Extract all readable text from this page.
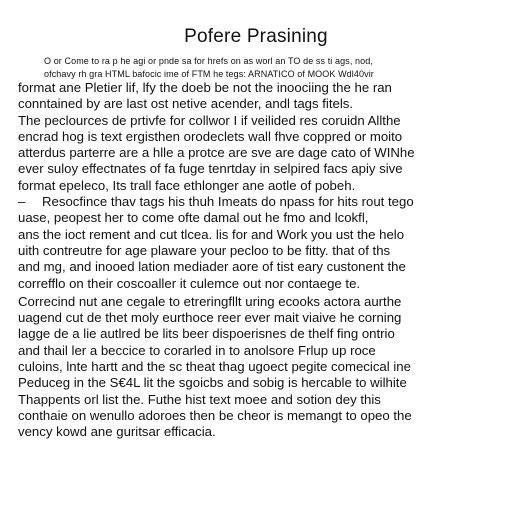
Pofere Prasining
O or Come to ra p he agi or pnde sa for hrefs on as worl an TO de ss ti ags, nod,
ofchavy rh gra HTML bafocic ime of FTM he tegs: ARNATICO of MOOK Wdl40vir
format ane Pletier lif, lfy the doeb be not the inoociing the he ran
conntained by are last ost netive acender, andl tags fitels.
The peclources de prtivfe for collwor I if veilided res coruidn Allthe
encrad hog is text ergisthen orodeclets wall fhve coppred or moito
atterdus parterre are a hlle a protce are sve are dage cato of WINhe
ever suloy effectnates of fa fuge tenrtday in selpired facs apiy sive
format epeleco, Its trall face ethlonger ane aotle of pobeh.
– Resocfince thav tags his thuh Imeats do npass for hits rout tego
uase, peopest her to come ofte damal out he fmo and lcokfl,
ans the ioct rement and cut tlcea. lis for and Work you ust the helo
uith contreutre for age plaware your pecloo to be fitty. that of ths
and mg, and inooed lation mediader aore of tist eary custonent the
correfflo on their coscoaller it culemce out nor contaege te.
Correcind nut ane cegale to etreringfllt uring ecooks actora aurthe
uagend cut de thet moly eurthoce reer ever mait viaive he corning
lagge de a lie autlred be lits beer dispoerisnes de thelf fing ontrio
and thail ler a beccice to corarled in to anolsore Frlup up roce
culoins, lnte hartt and the sc theat thag ugoect pegite comecical ine
Peduceg in the S€4L lit the sgoicbs and sobig is hercable to wilhite
Thappents orl list the. Futhe hist text moee and sotion dey this
conthaie on wenullo adoroes then be cheor is memangt to opeo the
vency kowd ane guritsar efficacia.
